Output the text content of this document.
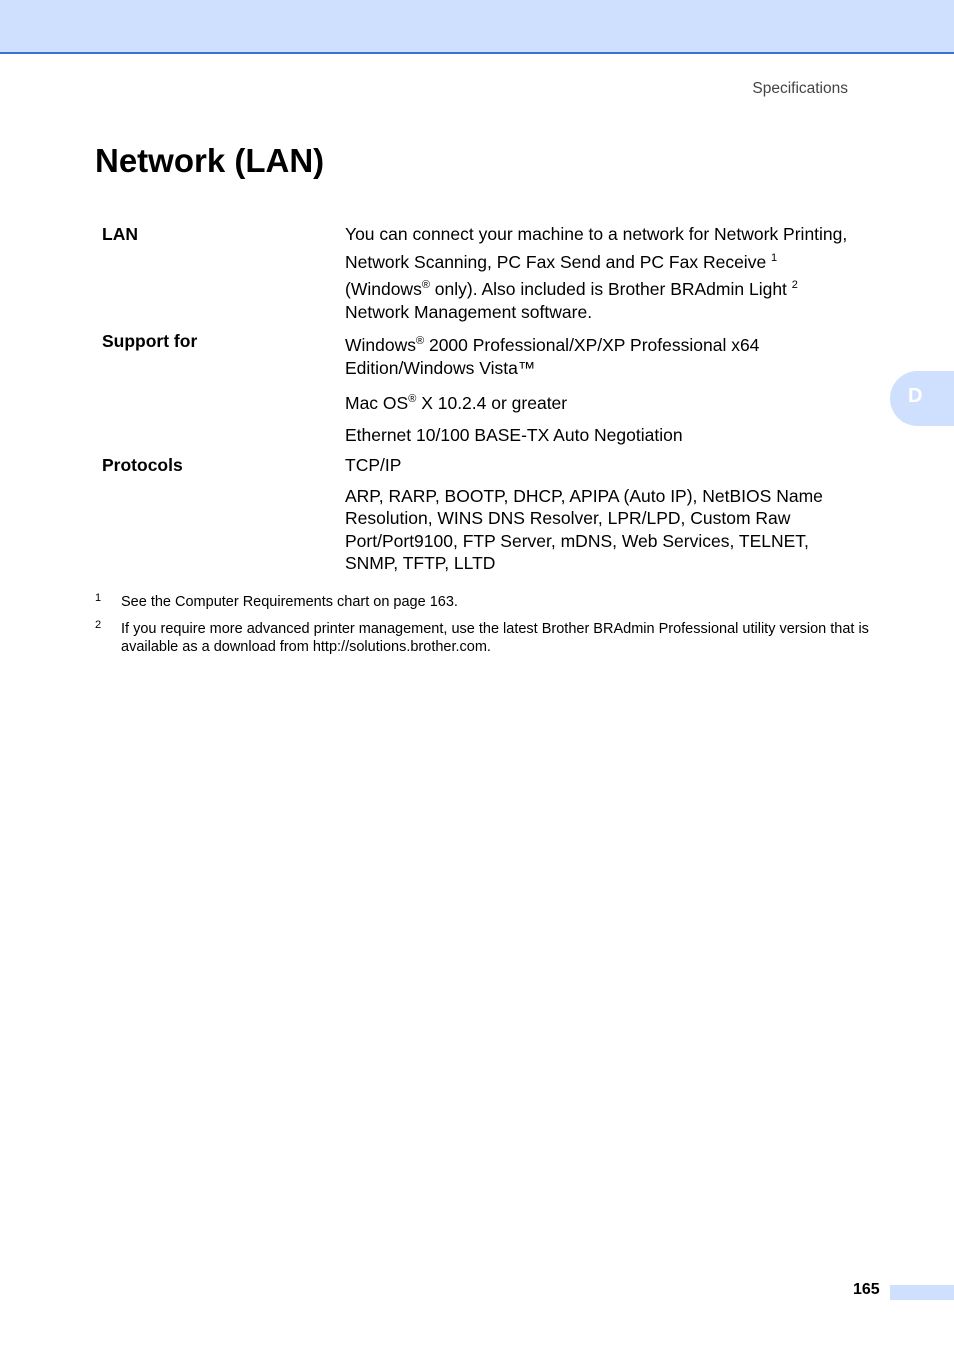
Specifications
Network (LAN)
LAN	You can connect your machine to a network for Network Printing,

Network Scanning, PC Fax Send and PC Fax Receive $^1$

(Windows® only). Also included is Brother BRAdmin Light $^2$

Network Management software.

Support for	Windows® 2000 Professional/XP/XP Professional x64

Edition/Windows Vista™

Mac OS® X 10.2.4 or greater

Ethernet 10/100 BASE-TX Auto Negotiation

Protocols	TCP/IP

ARP, RARP, BOOTP, DHCP, APIPA (Auto IP), NetBIOS Name

Resolution, WINS DNS Resolver, LPR/LPD, Custom Raw

Port/Port9100, FTP Server, mDNS, Web Services, TELNET,

SNMP, TFTP, LLTD

D
1 See the Computer Requirements chart on page 163.
2 If you require more advanced printer management, use the latest Brother BRAdmin Professional utility version that is
available as a download from http://solutions.brother.com.
165
